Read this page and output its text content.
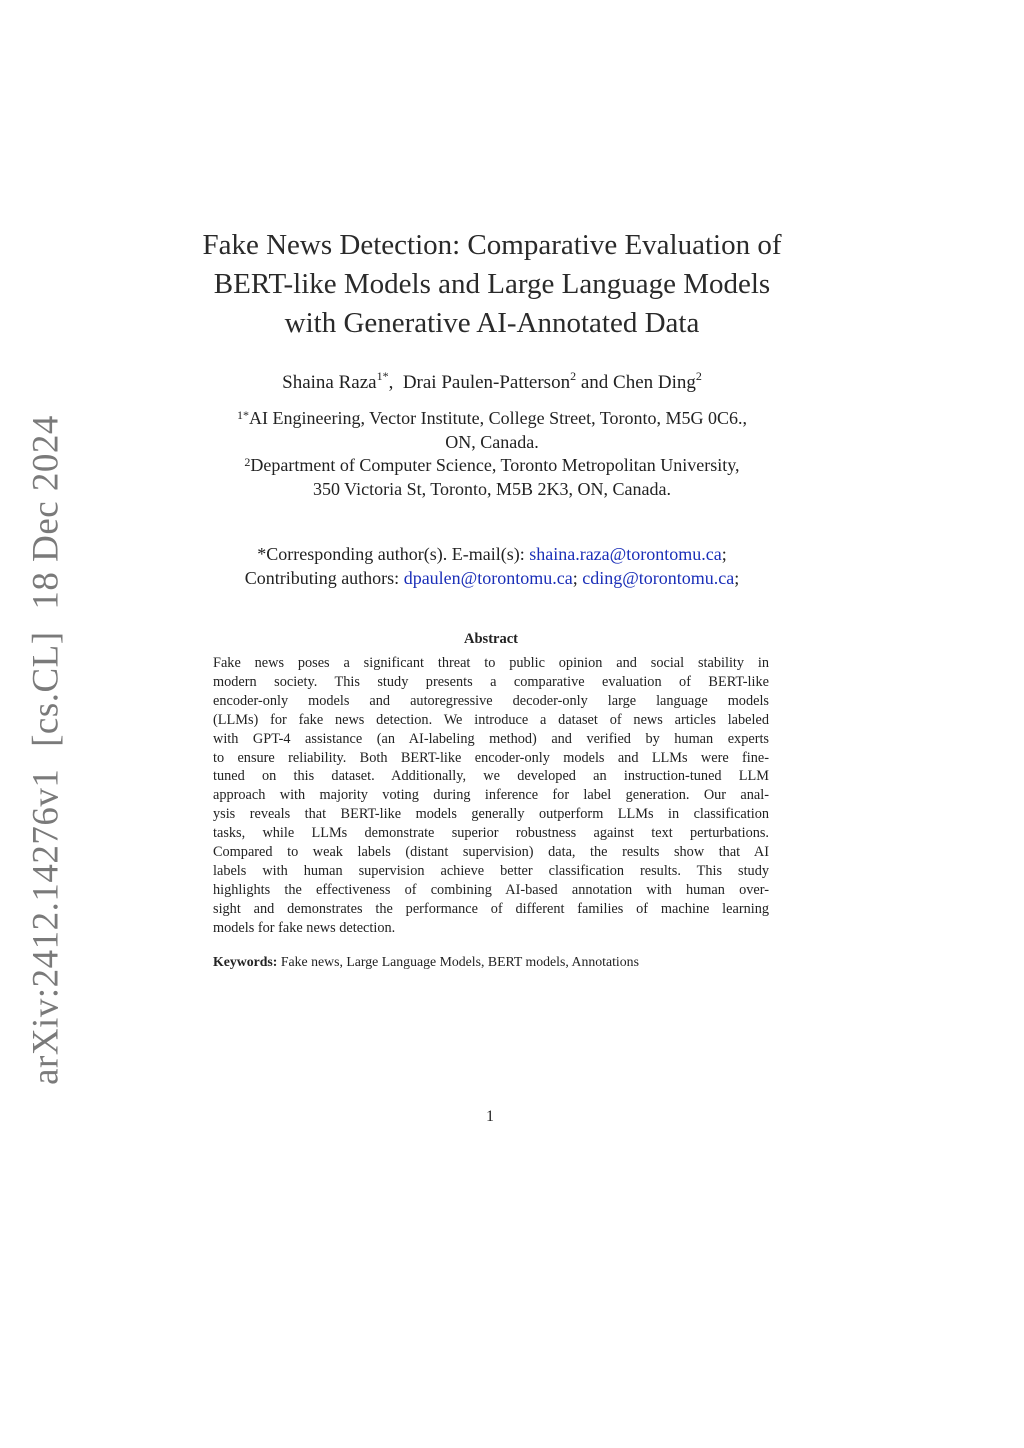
arXiv:2412.14276v1 [cs.CL] 18 Dec 2024
Fake News Detection: Comparative Evaluation of
BERT-like Models and Large Language Models
with Generative AI-Annotated Data
Shaina Raza$^{1*}$,  Drai Paulen-Patterson$^2$ and Chen Ding$^2$
$^{1*}$AI Engineering, Vector Institute, College Street, Toronto, M5G 0C6.,
ON, Canada.
$^2$Department of Computer Science, Toronto Metropolitan University,
350 Victoria St, Toronto, M5B 2K3, ON, Canada.
*Corresponding author(s). E-mail(s): shaina.raza@torontomu.ca;
Contributing authors: dpaulen@torontomu.ca; cding@torontomu.ca;
Abstract
Fake news poses a significant threat to public opinion and social stability in
modern society. This study presents a comparative evaluation of BERT-like
encoder-only models and autoregressive decoder-only large language models
(LLMs) for fake news detection. We introduce a dataset of news articles labeled
with GPT-4 assistance (an AI-labeling method) and verified by human experts
to ensure reliability. Both BERT-like encoder-only models and LLMs were fine-
tuned on this dataset. Additionally, we developed an instruction-tuned LLM
approach with majority voting during inference for label generation. Our anal-
ysis reveals that BERT-like models generally outperform LLMs in classification
tasks, while LLMs demonstrate superior robustness against text perturbations.
Compared to weak labels (distant supervision) data, the results show that AI
labels with human supervision achieve better classification results. This study
highlights the effectiveness of combining AI-based annotation with human over-
sight and demonstrates the performance of different families of machine learning
models for fake news detection.
Keywords: Fake news, Large Language Models, BERT models, Annotations
1
